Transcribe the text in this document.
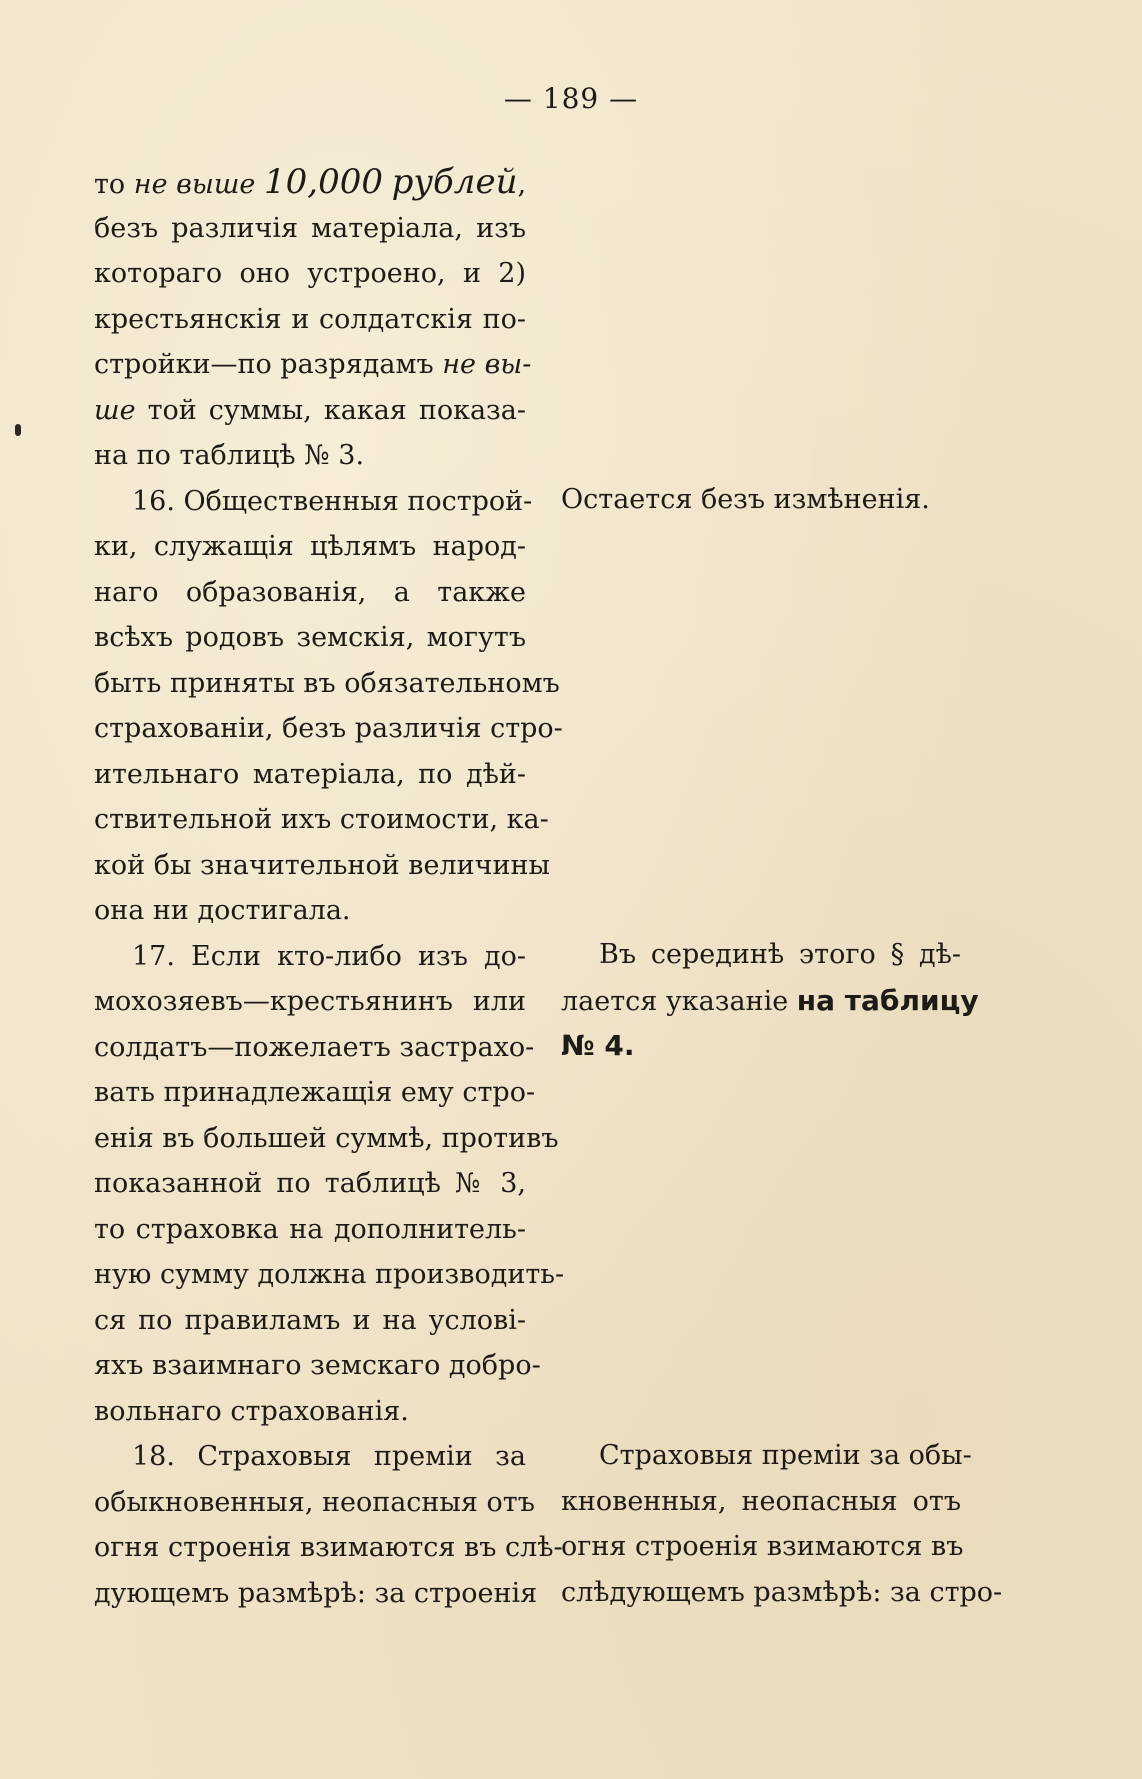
— 189 —
то не выше 10,000 рублей,
безъ различія матеріала, изъ
котораго оно устроено, и 2)
крестьянскія и солдатскія по-
стройки—по разрядамъ не вы-
ше той суммы, какая показа-
на по таблицѣ № 3.
16. Общественныя построй-
ки, служащія цѣлямъ народ-
наго образованія, а также
всѣхъ родовъ земскія, могутъ
быть приняты въ обязательномъ
страхованіи, безъ различія стро-
ительнаго матеріала, по дѣй-
ствительной ихъ стоимости, ка-
кой бы значительной величины
она ни достигала.
17. Если кто-либо изъ до-
мохозяевъ—крестьянинъ или
солдатъ—пожелаетъ застрахо-
вать принадлежащія ему стро-
енія въ большей суммѣ, противъ
показанной по таблицѣ № 3,
то страховка на дополнитель-
ную сумму должна производить-
ся по правиламъ и на услові-
яхъ взаимнаго земскаго добро-
вольнаго страхованія.
18. Страховыя преміи за
обыкновенныя, неопасныя отъ
огня строенія взимаются въ слѣ-
дующемъ размѣрѣ: за строенія
Остается безъ измѣненія.
Въ серединѣ этого § дѣ-
лается указаніе на таблицу
№ 4.
Страховыя преміи за обы-
кновенныя, неопасныя отъ
огня строенія взимаются въ
слѣдующемъ размѣрѣ: за стро-
